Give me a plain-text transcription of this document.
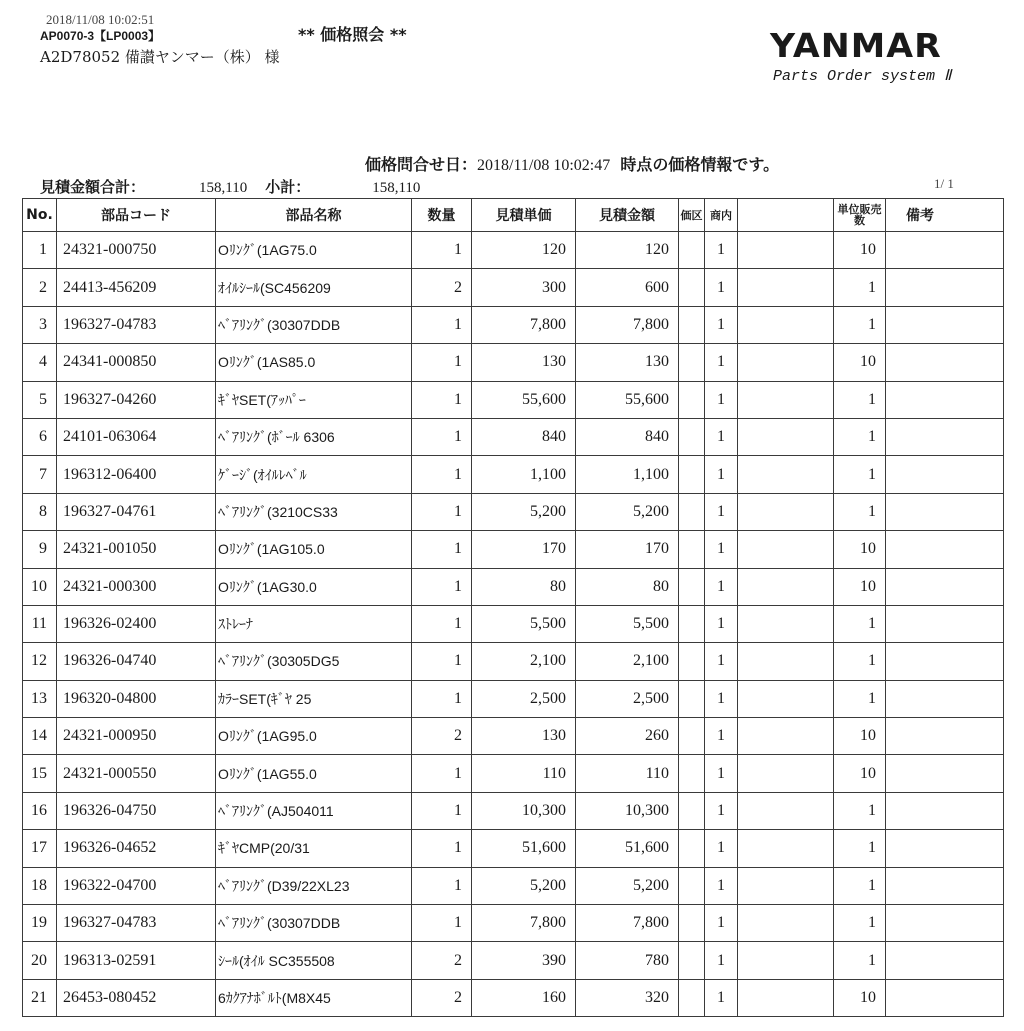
2018/11/08 10:02:51
AP0070-3【LP0003】	** 価格照会 **
A2D78052 備讃ヤンマー（株） 様	YANMAR
Parts Order system Ⅱ
価格問合せ日：2018/11/08 10:02:47 時点の価格情報です。
見積金額合計：	158,110 小計：	158,110	1/ 1
No.	部品コード	部品名称	数量	見積単価	見積金額	価区	商内		単位販売数	備考
1	24321-000750	Oﾘﾝｸﾞ(1AG75.0	1	120	120		1		10	
2	24413-456209	ｵｲﾙｼｰﾙ(SC456209	2	300	600		1		1	
3	196327-04783	ﾍﾞｱﾘﾝｸﾞ(30307DDB	1	7,800	7,800		1		1	
4	24341-000850	Oﾘﾝｸﾞ(1AS85.0	1	130	130		1		10	
5	196327-04260	ｷﾞﾔSET(ｱｯﾊﾟｰ	1	55,600	55,600		1		1	
6	24101-063064	ﾍﾞｱﾘﾝｸﾞ(ﾎﾞｰﾙ 6306	1	840	840		1		1	
7	196312-06400	ｹﾞｰｼﾞ(ｵｲﾙﾚﾍﾞﾙ	1	1,100	1,100		1		1	
8	196327-04761	ﾍﾞｱﾘﾝｸﾞ(3210CS33	1	5,200	5,200		1		1	
9	24321-001050	Oﾘﾝｸﾞ(1AG105.0	1	170	170		1		10	
10	24321-000300	Oﾘﾝｸﾞ(1AG30.0	1	80	80		1		10	
11	196326-02400	ｽﾄﾚｰﾅ	1	5,500	5,500		1		1	
12	196326-04740	ﾍﾞｱﾘﾝｸﾞ(30305DG5	1	2,100	2,100		1		1	
13	196320-04800	ｶﾗｰSET(ｷﾞﾔ 25	1	2,500	2,500		1		1	
14	24321-000950	Oﾘﾝｸﾞ(1AG95.0	2	130	260		1		10	
15	24321-000550	Oﾘﾝｸﾞ(1AG55.0	1	110	110		1		10	
16	196326-04750	ﾍﾞｱﾘﾝｸﾞ(AJ504011	1	10,300	10,300		1		1	
17	196326-04652	ｷﾞﾔCMP(20/31	1	51,600	51,600		1		1	
18	196322-04700	ﾍﾞｱﾘﾝｸﾞ(D39/22XL23	1	5,200	5,200		1		1	
19	196327-04783	ﾍﾞｱﾘﾝｸﾞ(30307DDB	1	7,800	7,800		1		1	
20	196313-02591	ｼｰﾙ(ｵｲﾙ SC355508	2	390	780		1		1	
21	26453-080452	6ｶｸｱﾅﾎﾞﾙﾄ(M8X45	2	160	320		1		10	
